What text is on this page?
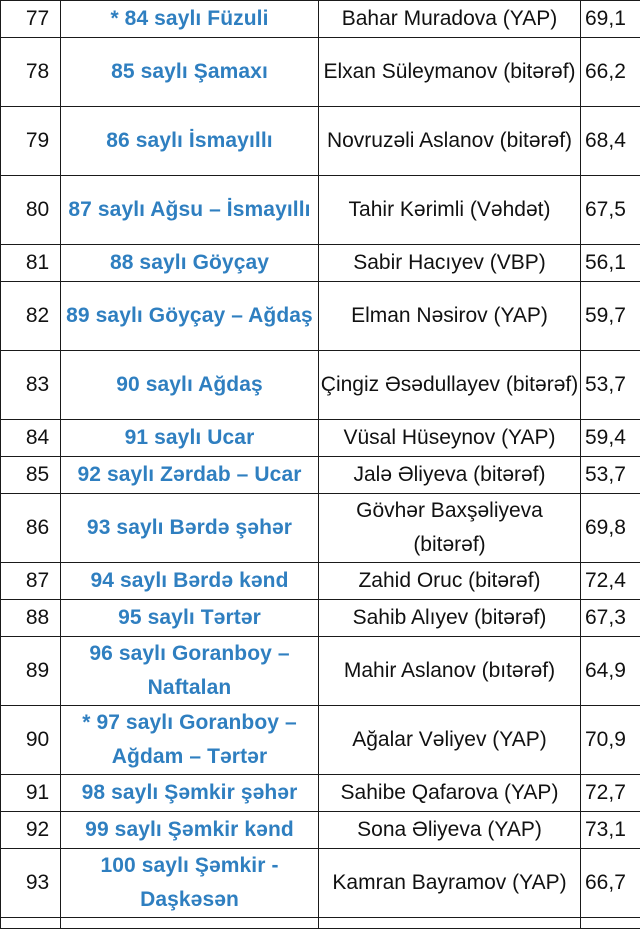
77	* 84 saylı Füzuli	Bahar Muradova (YAP)	69,1
78	85 saylı Şamaxı	Elxan Süleymanov (bitərəf)	66,2
79	86 saylı İsmayıllı	Novruzəli Aslanov (bitərəf)	68,4
80	87 saylı Ağsu – İsmayıllı	Tahir Kərimli (Vəhdət)	67,5
81	88 saylı Göyçay	Sabir Hacıyev (VBP)	56,1
82	89 saylı Göyçay – Ağdaş	Elman Nəsirov (YAP)	59,7
83	90 saylı Ağdaş	Çingiz Əsədullayev (bitərəf)	53,7
84	91 saylı Ucar	Vüsal Hüseynov (YAP)	59,4
85	92 saylı Zərdab – Ucar	Jalə Əliyeva (bitərəf)	53,7
86	93 saylı Bərdə şəhər	Gövhər Baxşəliyeva (bitərəf)	69,8
87	94 saylı Bərdə kənd	Zahid Oruc (bitərəf)	72,4
88	95 saylı Tərtər	Sahib Alıyev (bitərəf)	67,3
89	96 saylı Goranboy – Naftalan	Mahir Aslanov (bıtərəf)	64,9
90	* 97 saylı Goranboy – Ağdam – Tərtər	Ağalar Vəliyev (YAP)	70,9
91	98 saylı Şəmkir şəhər	Sahibe Qafarova (YAP)	72,7
92	99 saylı Şəmkir kənd	Sona Əliyeva (YAP)	73,1
93	100 saylı Şəmkir - Daşkəsən	Kamran Bayramov (YAP)	66,7
